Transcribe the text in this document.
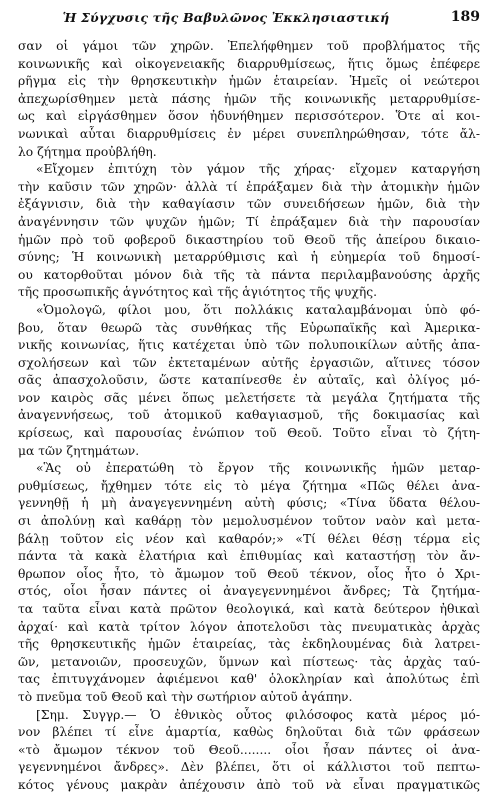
Ἡ Σύγχυσις τῆς Βαβυλῶνος Ἐκκλησιαστική	189
σαν οἱ γάμοι τῶν χηρῶν. Ἐπελήφθημεν τοῦ προβλήματος τῆς
κοινωνικῆς καὶ οἰκογενειακῆς διαρρυθμίσεως, ἥτις ὅμως ἐπέφερε
ρῆγμα εἰς τὴν θρησκευτικὴν ἡμῶν ἑταιρείαν. Ἡμεῖς οἱ νεώτεροι
ἀπεχωρίσθημεν μετὰ πάσης ἡμῶν τῆς κοινωνικῆς μεταρρυθμίσε-
ως καὶ εἰργάσθημεν ὅσον ἠδυνήθημεν περισσότερον. Ὅτε αἱ κοι-
νωνικαὶ αὗται διαρρυθμίσεις ἐν μέρει συνεπληρώθησαν, τότε ἄλ-
λο ζήτημα προὐβλήθη.
«Εἴχομεν ἐπιτύχη τὸν γάμον τῆς χήρας· εἴχομεν καταργήση
τὴν καῦσιν τῶν χηρῶν· ἀλλὰ τί ἐπράξαμεν διὰ τὴν ἀτομικὴν ἡμῶν
ἐξάγνισιν, διὰ τὴν καθαγίασιν τῶν συνειδήσεων ἡμῶν, διὰ τὴν
ἀναγέννησιν τῶν ψυχῶν ἡμῶν; Τί ἐπράξαμεν διὰ τὴν παρουσίαν
ἡμῶν πρὸ τοῦ φοβεροῦ δικαστηρίου τοῦ Θεοῦ τῆς ἀπείρου δικαιο-
σύνης; Ἡ κοινωνικὴ μεταρρύθμισις καὶ ἡ εὐημερία τοῦ δημοσί-
ου κατορθοῦται μόνον διὰ τῆς τὰ πάντα περιλαμβανούσης ἀρχῆς
τῆς προσωπικῆς ἁγνότητος καὶ τῆς ἁγιότητος τῆς ψυχῆς.
«Ὁμολογῶ, φίλοι μου, ὅτι πολλάκις καταλαμβάνομαι ὑπὸ φό-
βου, ὅταν θεωρῶ τὰς συνθήκας τῆς Εὐρωπαϊκῆς καὶ Ἀμερικα-
νικῆς κοινωνίας, ἥτις κατέχεται ὑπὸ τῶν πολυποικίλων αὐτῆς ἀπα-
σχολήσεων καὶ τῶν ἐκτεταμένων αὐτῆς ἐργασιῶν, αἵτινες τόσον
σᾶς ἀπασχολοῦσιν, ὥστε καταπίνεσθε ἐν αὐταῖς, καὶ ὀλίγος μό-
νον καιρὸς σᾶς μένει ὅπως μελετήσετε τὰ μεγάλα ζητήματα τῆς
ἀναγεννήσεως, τοῦ ἀτομικοῦ καθαγιασμοῦ, τῆς δοκιμασίας καὶ
κρίσεως, καὶ παρουσίας ἐνώπιον τοῦ Θεοῦ. Τοῦτο εἶναι τὸ ζήτη-
μα τῶν ζητημάτων.
«Ἃς οὐ ἐπερατώθη τὸ ἔργον τῆς κοινωνικῆς ἡμῶν μεταρ-
ρυθμίσεως, ἤχθημεν τότε εἰς τὸ μέγα ζήτημα «Πῶς θέλει ἀνα-
γεννηθῇ ἡ μὴ ἀναγεγεννημένη αὐτὴ φύσις; «Τίνα ὕδατα θέλου-
σι ἀπολύνῃ καὶ καθάρῃ τὸν μεμολυσμένον τοῦτον ναὸν καὶ μετα-
βάλῃ τοῦτον εἰς νέον καὶ καθαρόν;» «Τί θέλει θέσῃ τέρμα εἰς
πάντα τὰ κακὰ ἐλατήρια καὶ ἐπιθυμίας καὶ καταστήσῃ τὸν ἄν-
θρωπον οἷος ἦτο, τὸ ἄμωμον τοῦ Θεοῦ τέκνον, οἷος ἦτο ὁ Χρι-
στός, οἷοι ἦσαν πάντες οἱ ἀναγεγεννημένοι ἄνδρες; Τὰ ζητήμα-
τα ταῦτα εἶναι κατὰ πρῶτον θεολογικά, καὶ κατὰ δεύτερον ἠθικαὶ
ἀρχαί· καὶ κατὰ τρίτον λόγον ἀποτελοῦσι τὰς πνευματικὰς ἀρχὰς
τῆς θρησκευτικῆς ἡμῶν ἑταιρείας, τὰς ἐκδηλουμένας διὰ λατρει-
ῶν, μετανοιῶν, προσευχῶν, ὕμνων καὶ πίστεως· τὰς ἀρχὰς ταύ-
τας ἐπιτυγχάνομεν ἀφιέμενοι καθ' ὁλοκληρίαν καὶ ἀπολύτως ἐπὶ
τὸ πνεῦμα τοῦ Θεοῦ καὶ τὴν σωτήριον αὐτοῦ ἀγάπην.
[Σημ. Συγγρ.— Ὁ ἐθνικὸς οὗτος φιλόσοφος κατὰ μέρος μό-
νον βλέπει τί εἶνε ἁμαρτία, καθὼς δηλοῦται διὰ τῶν φράσεων
«τὸ ἄμωμον τέκνον τοῦ Θεοῦ........ οἷοι ἦσαν πάντες οἱ ἀνα-
γεγεννημένοι ἄνδρες». Δὲν βλέπει, ὅτι οἱ κάλλιστοι τοῦ πεπτω-
κότος γένους μακρὰν ἀπέχουσιν ἀπὸ τοῦ νὰ εἶναι πραγματικῶς
